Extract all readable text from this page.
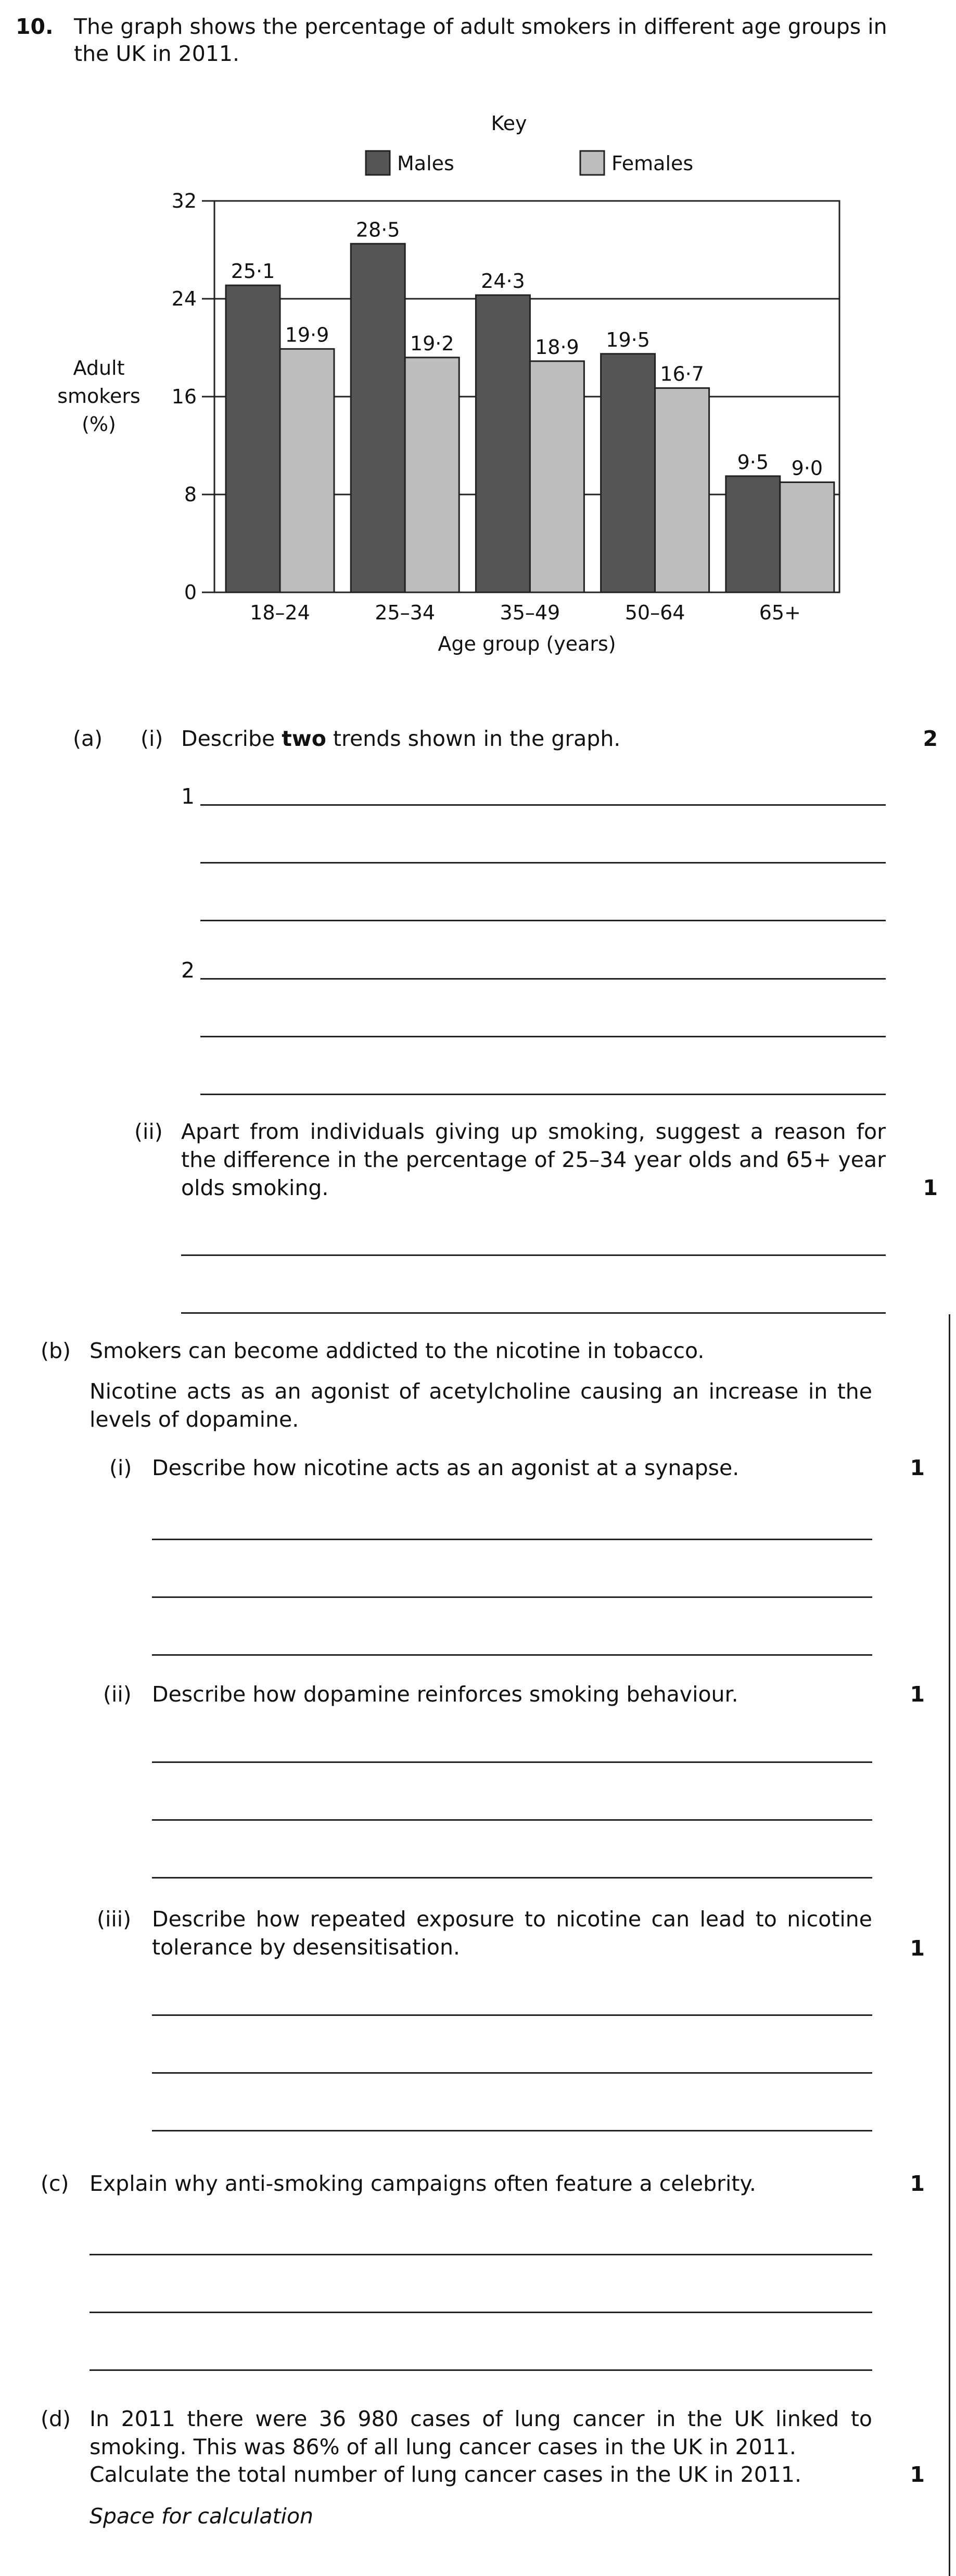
10. The graph shows the percentage of adult smokers in different age groups in
the UK in 2011.
25·1
19·9
28·5
19·2
24·3
18·9 19·5
16·7
9·5 9·0
0
8
16
24
32
18–24	25–34	35–49	50–64	65+
Age group (years)
Adult
smokers
(%)
Key
Males	Females
(a) (i) Describe two trends shown in the graph.	2
1
2
(ii) Apart from individuals giving up smoking, suggest a reason for the difference in the percentage of 25–34 year olds and 65+ year olds smoking.	1
(b) Smokers can become addicted to the nicotine in tobacco.
Nicotine acts as an agonist of acetylcholine causing an increase in the levels of dopamine.
(i) Describe how nicotine acts as an agonist at a synapse.	1
(ii) Describe how dopamine reinforces smoking behaviour.	1
(iii) Describe how repeated exposure to nicotine can lead to nicotine tolerance by desensitisation.	1
(c) Explain why anti-smoking campaigns often feature a celebrity.	1
(d) In 2011 there were 36 980 cases of lung cancer in the UK linked to smoking. This was 86% of all lung cancer cases in the UK in 2011.
Calculate the total number of lung cancer cases in the UK in 2011.	1
Space for calculation
